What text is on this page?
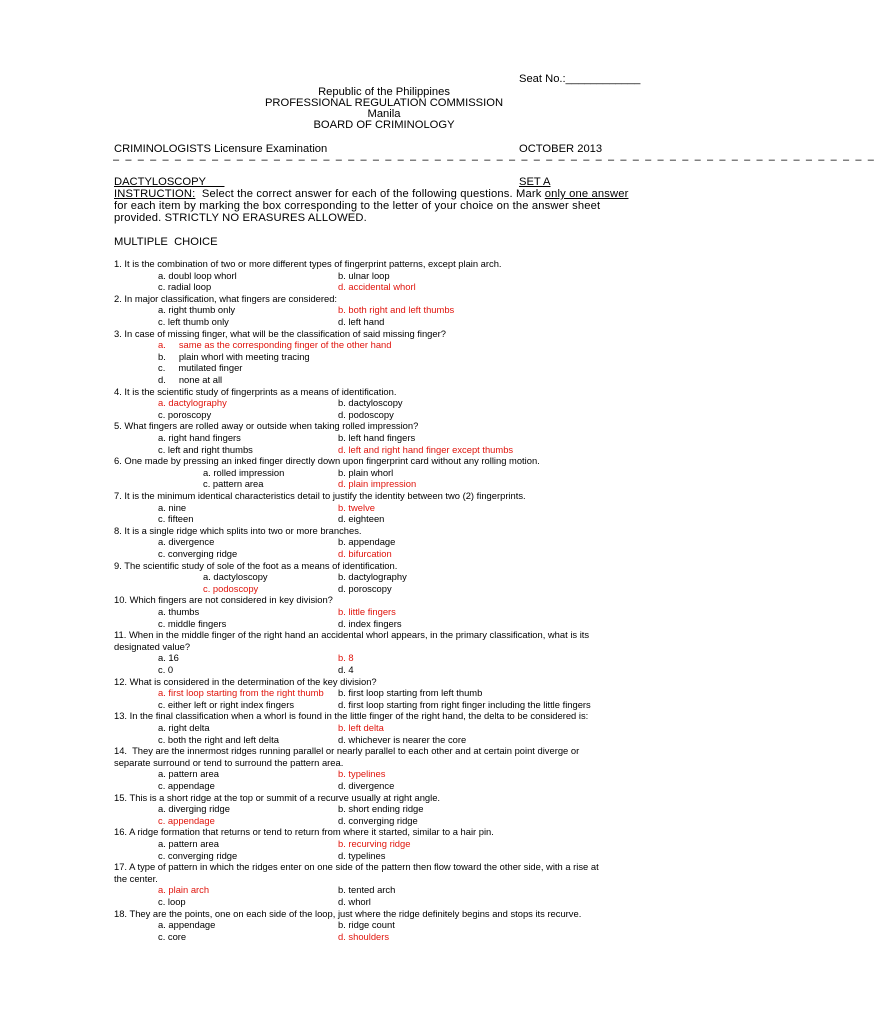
Seat No.:____________
Republic of the Philippines
PROFESSIONAL REGULATION COMMISSION
Manila
BOARD OF CRIMINOLOGY
CRIMINOLOGISTS Licensure Examination	OCTOBER 2013
– – – – – – – – – – – – – – – – – – – – – – – – – – – – – – – – – – – – – – – – – – – – – – – – – – – – – – – – – – – – – –
DACTYLOSCOPY	SET A
INSTRUCTION:  Select the correct answer for each of the following questions. Mark only one answer
for each item by marking the box corresponding to the letter of your choice on the answer sheet
provided. STRICTLY NO ERASURES ALLOWED.
MULTIPLE  CHOICE
1. It is the combination of two or more different types of fingerprint patterns, except plain arch.
a. doubl loop whorl	b. ulnar loop
c. radial loop	d. accidental whorl
2. In major classification, what fingers are considered:
a. right thumb only	b. both right and left thumbs
c. left thumb only	d. left hand
3. In case of missing finger, what will be the classification of said missing finger?
a.     same as the corresponding finger of the other hand
b.     plain whorl with meeting tracing
c.     mutilated finger
d.     none at all
4. It is the scientific study of fingerprints as a means of identification.
a. dactylography	b. dactyloscopy
c. poroscopy	d. podoscopy
5. What fingers are rolled away or outside when taking rolled impression?
a. right hand fingers	b. left hand fingers
c. left and right thumbs	d. left and right hand finger except thumbs
6. One made by pressing an inked finger directly down upon fingerprint card without any rolling motion.
a. rolled impression	b. plain whorl
c. pattern area	d. plain impression
7. It is the minimum identical characteristics detail to justify the identity between two (2) fingerprints.
a. nine	b. twelve
c. fifteen	d. eighteen
8. It is a single ridge which splits into two or more branches.
a. divergence	b. appendage
c. converging ridge	d. bifurcation
9. The scientific study of sole of the foot as a means of identification.
a. dactyloscopy	b. dactylography
c. podoscopy	d. poroscopy
10. Which fingers are not considered in key division?
a. thumbs	b. little fingers
c. middle fingers	d. index fingers
11. When in the middle finger of the right hand an accidental whorl appears, in the primary classification, what is its
designated value?
a. 16	b. 8
c. 0	d. 4
12. What is considered in the determination of the key division?
a. first loop starting from the right thumb b. first loop starting from left thumb
c. either left or right index fingers	d. first loop starting from right finger including the little fingers
13. In the final classification when a whorl is found in the little finger of the right hand, the delta to be considered is:
a. right delta	b. left delta
c. both the right and left delta	d. whichever is nearer the core
14.  They are the innermost ridges running parallel or nearly parallel to each other and at certain point diverge or
separate surround or tend to surround the pattern area.
a. pattern area	b. typelines
c. appendage	d. divergence
15. This is a short ridge at the top or summit of a recurve usually at right angle.
a. diverging ridge	b. short ending ridge
c. appendage	d. converging ridge
16. A ridge formation that returns or tend to return from where it started, similar to a hair pin.
a. pattern area	b. recurving ridge
c. converging ridge	d. typelines
17. A type of pattern in which the ridges enter on one side of the pattern then flow toward the other side, with a rise at
the center.
a. plain arch	b. tented arch
c. loop	d. whorl
18. They are the points, one on each side of the loop, just where the ridge definitely begins and stops its recurve.
a. appendage	b. ridge count
c. core	d. shoulders
